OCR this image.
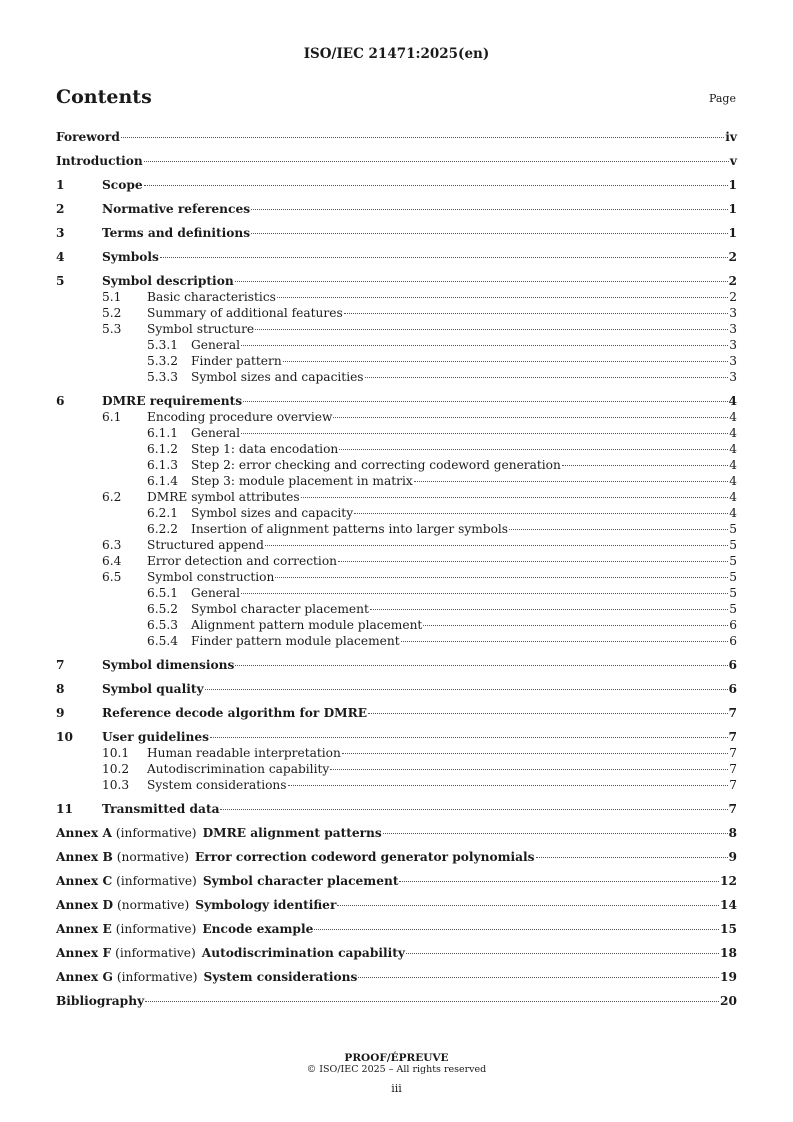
ISO/IEC 21471:2025(en)
Contents	Page
Foreword	iv
Introduction	v
1	Scope	1
2	Normative references	1
3	Terms and definitions	1
4	Symbols	2
5	Symbol description	2
5.1	Basic characteristics	2
5.2	Summary of additional features	3
5.3	Symbol structure	3
5.3.1	General	3
5.3.2	Finder pattern	3
5.3.3	Symbol sizes and capacities	3
6	DMRE requirements	4
6.1	Encoding procedure overview	4
6.1.1	General	4
6.1.2	Step 1: data encodation	4
6.1.3	Step 2: error checking and correcting codeword generation	4
6.1.4	Step 3: module placement in matrix	4
6.2	DMRE symbol attributes	4
6.2.1	Symbol sizes and capacity	4
6.2.2	Insertion of alignment patterns into larger symbols	5
6.3	Structured append	5
6.4	Error detection and correction	5
6.5	Symbol construction	5
6.5.1	General	5
6.5.2	Symbol character placement	5
6.5.3	Alignment pattern module placement	6
6.5.4	Finder pattern module placement	6
7	Symbol dimensions	6
8	Symbol quality	6
9	Reference decode algorithm for DMRE	7
10	User guidelines	7
10.1	Human readable interpretation	7
10.2	Autodiscrimination capability	7
10.3	System considerations	7
11	Transmitted data	7
Annex A (informative) DMRE alignment patterns	8
Annex B (normative) Error correction codeword generator polynomials	9
Annex C (informative) Symbol character placement	12
Annex D (normative) Symbology identifier	14
Annex E (informative) Encode example	15
Annex F (informative) Autodiscrimination capability	18
Annex G (informative) System considerations	19
Bibliography	20
PROOF/ÉPREUVE
© ISO/IEC 2025 – All rights reserved
iii
